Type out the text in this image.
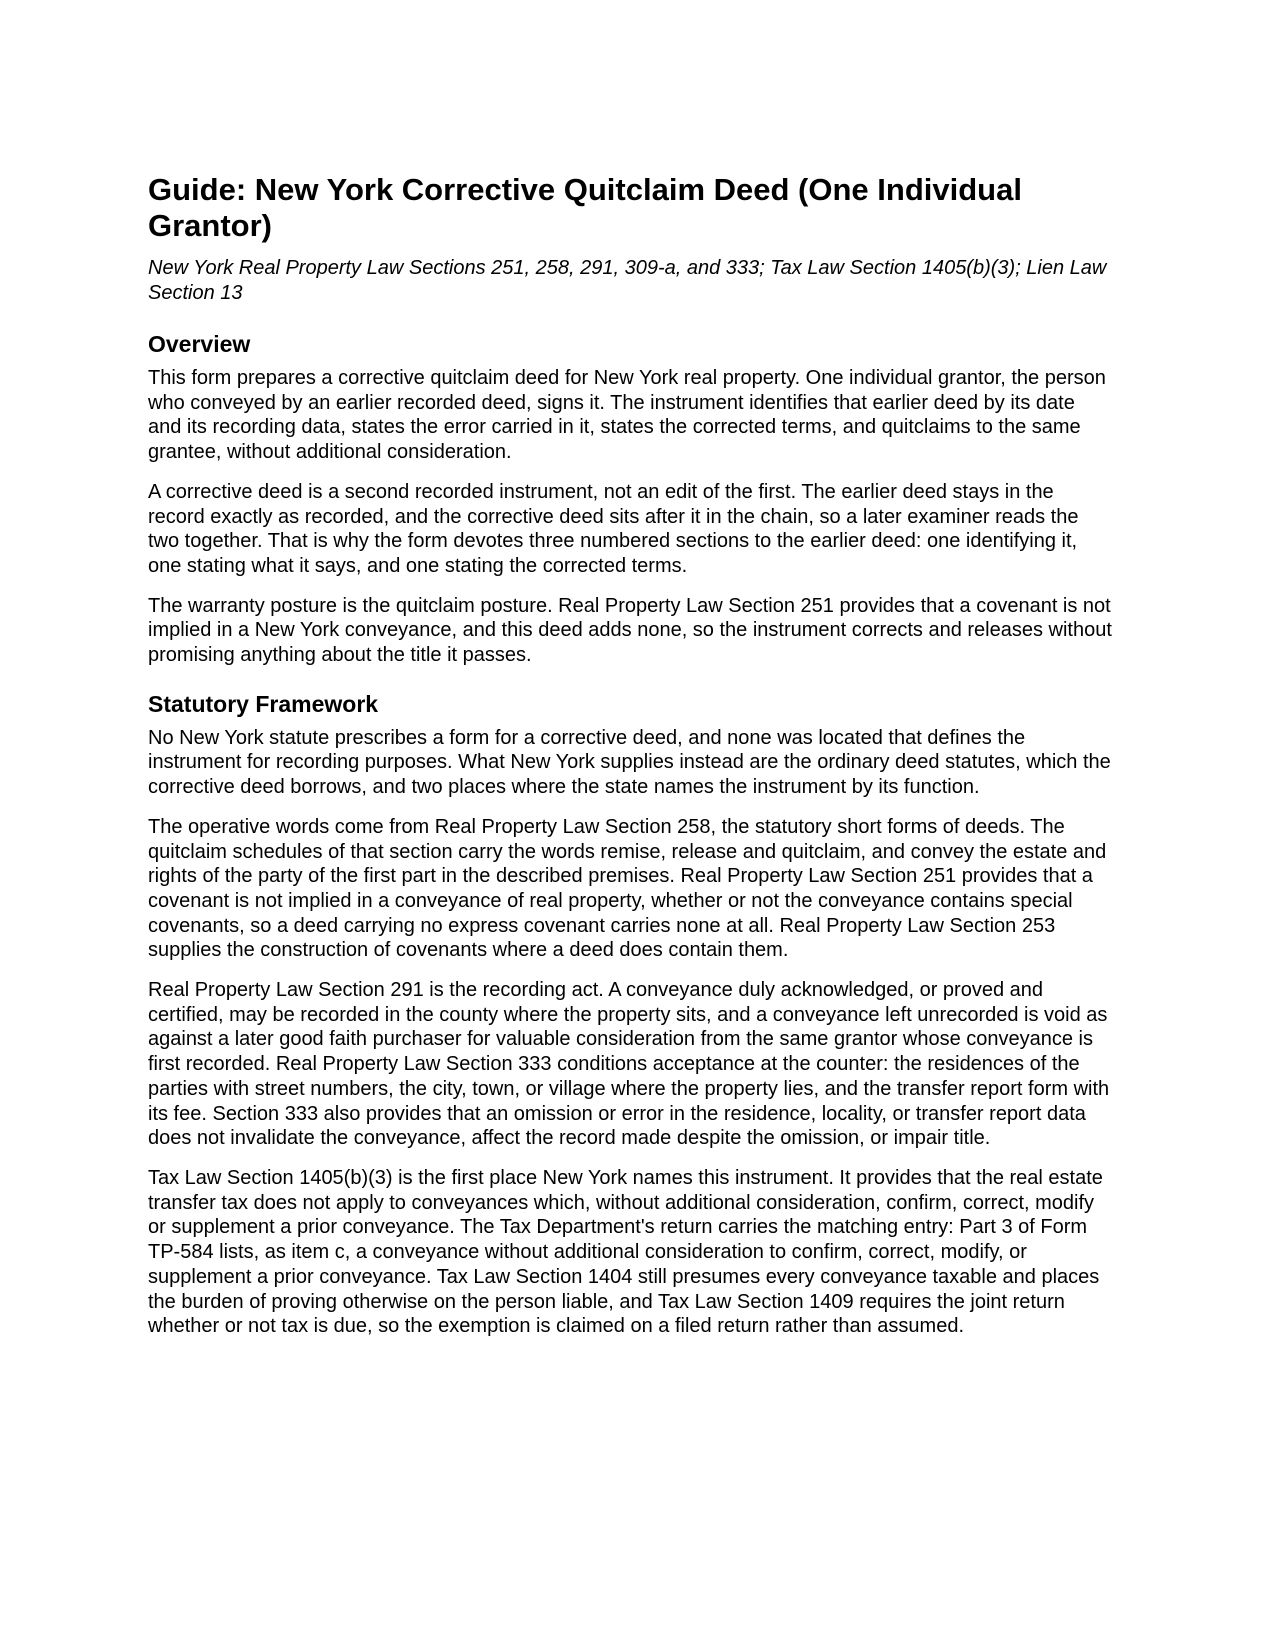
Guide: New York Corrective Quitclaim Deed (One Individual Grantor)
New York Real Property Law Sections 251, 258, 291, 309-a, and 333; Tax Law Section 1405(b)(3); Lien Law Section 13
Overview

This form prepares a corrective quitclaim deed for New York real property. One individual grantor, the person who conveyed by an earlier recorded deed, signs it. The instrument identifies that earlier deed by its date and its recording data, states the error carried in it, states the corrected terms, and quitclaims to the same grantee, without additional consideration.

A corrective deed is a second recorded instrument, not an edit of the first. The earlier deed stays in the record exactly as recorded, and the corrective deed sits after it in the chain, so a later examiner reads the two together. That is why the form devotes three numbered sections to the earlier deed: one identifying it, one stating what it says, and one stating the corrected terms.

The warranty posture is the quitclaim posture. Real Property Law Section 251 provides that a covenant is not implied in a New York conveyance, and this deed adds none, so the instrument corrects and releases without promising anything about the title it passes.

Statutory Framework

No New York statute prescribes a form for a corrective deed, and none was located that defines the instrument for recording purposes. What New York supplies instead are the ordinary deed statutes, which the corrective deed borrows, and two places where the state names the instrument by its function.

The operative words come from Real Property Law Section 258, the statutory short forms of deeds. The quitclaim schedules of that section carry the words remise, release and quitclaim, and convey the estate and rights of the party of the first part in the described premises. Real Property Law Section 251 provides that a covenant is not implied in a conveyance of real property, whether or not the conveyance contains special covenants, so a deed carrying no express covenant carries none at all. Real Property Law Section 253 supplies the construction of covenants where a deed does contain them.

Real Property Law Section 291 is the recording act. A conveyance duly acknowledged, or proved and certified, may be recorded in the county where the property sits, and a conveyance left unrecorded is void as against a later good faith purchaser for valuable consideration from the same grantor whose conveyance is first recorded. Real Property Law Section 333 conditions acceptance at the counter: the residences of the parties with street numbers, the city, town, or village where the property lies, and the transfer report form with its fee. Section 333 also provides that an omission or error in the residence, locality, or transfer report data does not invalidate the conveyance, affect the record made despite the omission, or impair title.

Tax Law Section 1405(b)(3) is the first place New York names this instrument. It provides that the real estate transfer tax does not apply to conveyances which, without additional consideration, confirm, correct, modify or supplement a prior conveyance. The Tax Department's return carries the matching entry: Part 3 of Form TP-584 lists, as item c, a conveyance without additional consideration to confirm, correct, modify, or supplement a prior conveyance. Tax Law Section 1404 still presumes every conveyance taxable and places the burden of proving otherwise on the person liable, and Tax Law Section 1409 requires the joint return whether or not tax is due, so the exemption is claimed on a filed return rather than assumed.
